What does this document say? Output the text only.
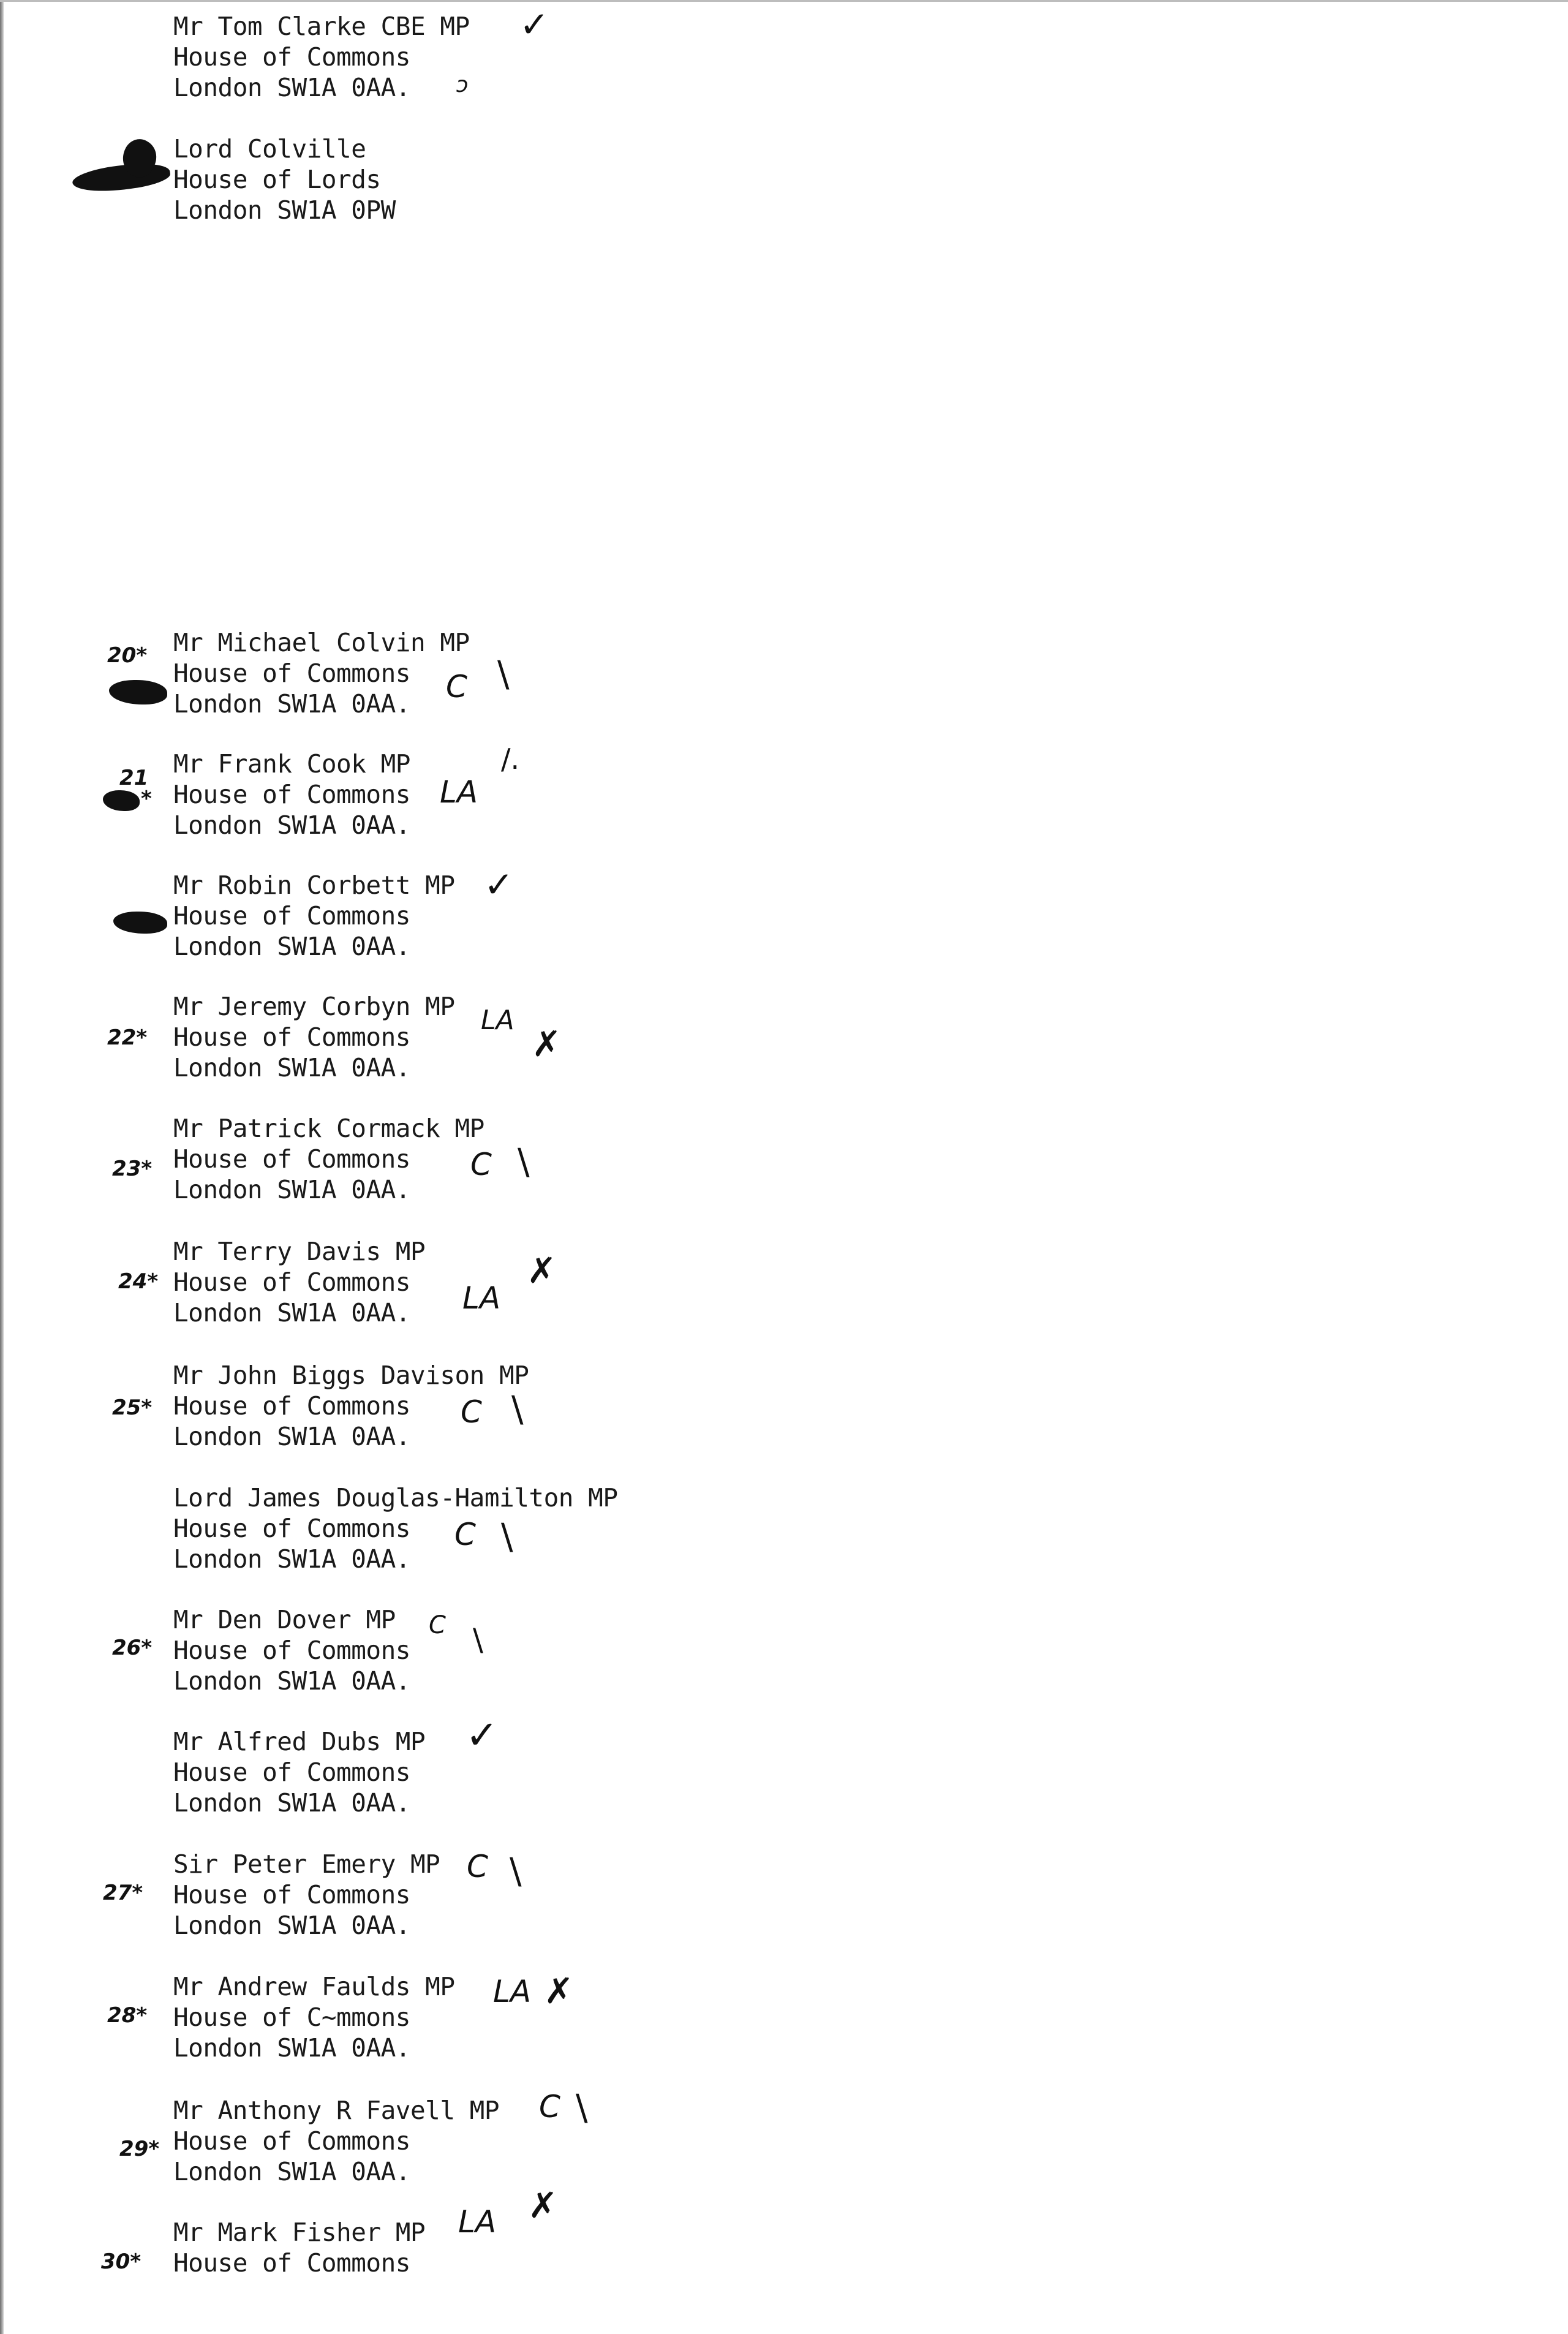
Mr Tom Clarke CBE MP
House of Commons
London SW1A 0AA.
✓
ↄ
Lord Colville
House of Lords
London SW1A 0PW
Mr Michael Colvin MP
House of Commons
London SW1A 0AA.
20*
C \
Mr Frank Cook MP
House of Commons
London SW1A 0AA.
21
*	LA
/.
Mr Robin Corbett MP
House of Commons
London SW1A 0AA.
✓
Mr Jeremy Corbyn MP
House of Commons
London SW1A 0AA.
22*
LA
✗
Mr Patrick Cormack MP
House of Commons
London SW1A 0AA.
23*	C \
Mr Terry Davis MP
House of Commons
London SW1A 0AA.
24*	LA
✗
Mr John Biggs Davison MP
House of Commons
London SW1A 0AA.
25*	C \
Lord James Douglas-Hamilton MP
House of Commons
London SW1A 0AA.
C \
Mr Den Dover MP
House of Commons
London SW1A 0AA.
26*
C \
Mr Alfred Dubs MP
House of Commons
London SW1A 0AA.
✓
Sir Peter Emery MP
House of Commons
London SW1A 0AA.
27*
C \
Mr Andrew Faulds MP
House of C~mmons
London SW1A 0AA.
28*
LA ✗
Mr Anthony R Favell MP
House of Commons
London SW1A 0AA.
29*
C \
Mr Mark Fisher MP
House of Commons
30*
LA ✗
